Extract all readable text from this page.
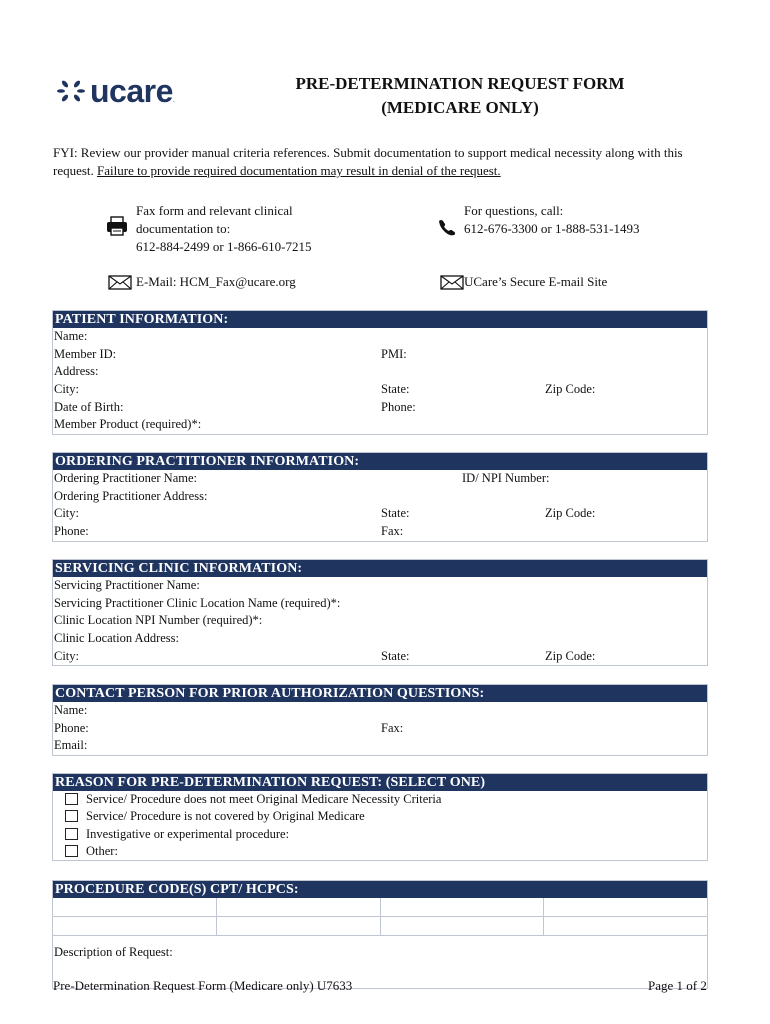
ucare .
PRE-DETERMINATION REQUEST FORM
(MEDICARE ONLY)
FYI: Review our provider manual criteria references. Submit documentation to support medical necessity along with this request. Failure to provide required documentation may result in denial of the request.
Fax form and relevant clinical
documentation to:
612-884-2499 or 1-866-610-7215
For questions, call:
612-676-3300 or 1-888-531-1493
E-Mail: HCM_Fax@ucare.org	UCare’s Secure E-mail Site
PATIENT INFORMATION:
Name:
Member ID:	PMI:
Address:
City:	State:	Zip Code:
Date of Birth:	Phone:
Member Product (required)*:
ORDERING PRACTITIONER INFORMATION:
Ordering Practitioner Name:	ID/ NPI Number:
Ordering Practitioner Address:
City:	State:	Zip Code:
Phone:	Fax:
SERVICING CLINIC INFORMATION:
Servicing Practitioner Name:
Servicing Practitioner Clinic Location Name (required)*:
Clinic Location NPI Number (required)*:
Clinic Location Address:
City:	State:	Zip Code:
CONTACT PERSON FOR PRIOR AUTHORIZATION QUESTIONS:
Name:
Phone:	Fax:
Email:
REASON FOR PRE-DETERMINATION REQUEST: (SELECT ONE)
Service/ Procedure does not meet Original Medicare Necessity Criteria
Service/ Procedure is not covered by Original Medicare
Investigative or experimental procedure:
Other:
PROCEDURE CODE(S) CPT/ HCPCS:
Description of Request:
Pre-Determination Request Form (Medicare only) U7633	Page 1 of 2
